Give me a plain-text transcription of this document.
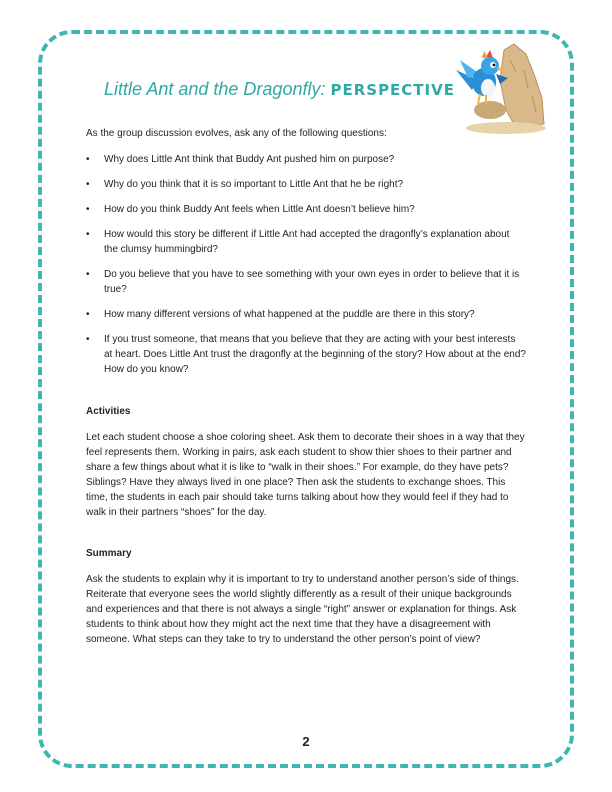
Little Ant and the Dragonfly: PERSPECTIVE

As the group discussion evolves, ask any of the following questions:

• Why does Little Ant think that Buddy Ant pushed him on purpose?
• Why do you think that it is so important to Little Ant that he be right?
• How do you think Buddy Ant feels when Little Ant doesn’t believe him?
• How would this story be different if Little Ant had accepted the dragonfly’s explanation about the clumsy hummingbird?
• Do you believe that you have to see something with your own eyes in order to believe that it is true?
• How many different versions of what happened at the puddle are there in this story?
• If you trust someone, that means that you believe that they are acting with your best interests at heart. Does Little Ant trust the dragonfly at the beginning of the story? How about at the end? How do you know?

Activities

Let each student choose a shoe coloring sheet. Ask them to decorate their shoes in a way that they feel represents them. Working in pairs, ask each student to show thier shoes to their partner and share a few things about what it is like to “walk in their shoes.” For example, do they have pets? Siblings? Have they always lived in one place? Then ask the students to exchange shoes. This time, the students in each pair should take turns talking about how they would feel if they had to walk in their partners “shoes” for the day.

Summary

Ask the students to explain why it is important to try to understand another person’s side of things. Reiterate that everyone sees the world slightly differently as a result of their unique backgrounds and experiences and that there is not always a single “right” answer or explanation for things. Ask students to think about how they might act the next time that they have a disagreement with someone. What steps can they take to try to understand the other person’s point of view?

2
